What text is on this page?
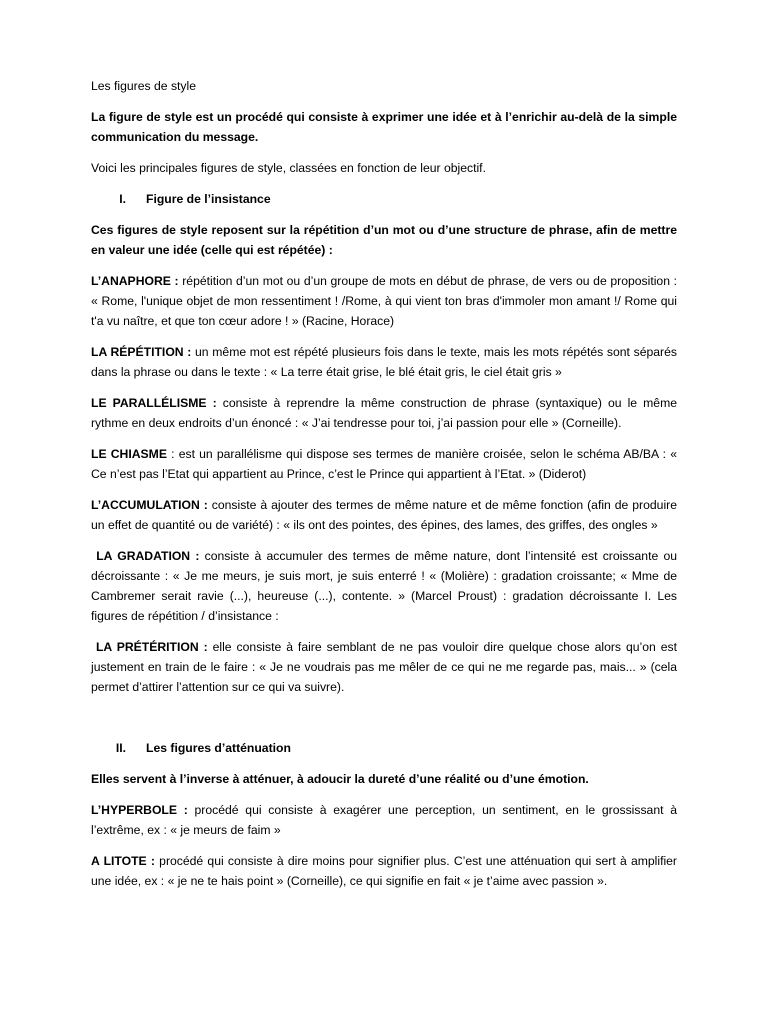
Les figures de style

La figure de style est un procédé qui consiste à exprimer une idée et à l’enrichir au-delà de la simple communication du message.

Voici les principales figures de style, classées en fonction de leur objectif.

I.	Figure de l’insistance

Ces figures de style reposent sur la répétition d’un mot ou d’une structure de phrase, afin de mettre en valeur une idée (celle qui est répétée) :

L’ANAPHORE : répétition d’un mot ou d’un groupe de mots en début de phrase, de vers ou de proposition : « Rome, l'unique objet de mon ressentiment ! /Rome, à qui vient ton bras d'immoler mon amant !/ Rome qui t'a vu naître, et que ton cœur adore ! » (Racine, Horace)

LA RÉPÉTITION : un même mot est répété plusieurs fois dans le texte, mais les mots répétés sont séparés dans la phrase ou dans le texte : « La terre était grise, le blé était gris, le ciel était gris »

LE PARALLÉLISME : consiste à reprendre la même construction de phrase (syntaxique) ou le même rythme en deux endroits d’un énoncé : « J’ai tendresse pour toi, j’ai passion pour elle » (Corneille).

LE CHIASME : est un parallélisme qui dispose ses termes de manière croisée, selon le schéma AB/BA : « Ce n’est pas l’Etat qui appartient au Prince, c’est le Prince qui appartient à l’Etat. » (Diderot)

L’ACCUMULATION : consiste à ajouter des termes de même nature et de même fonction (afin de produire un effet de quantité ou de variété) : « ils ont des pointes, des épines, des lames, des griffes, des ongles »

LA GRADATION : consiste à accumuler des termes de même nature, dont l’intensité est croissante ou décroissante : « Je me meurs, je suis mort, je suis enterré ! « (Molière) : gradation croissante; « Mme de Cambremer serait ravie (...), heureuse (...), contente. » (Marcel Proust) : gradation décroissante I. Les figures de répétition / d’insistance :

LA PRÉTÉRITION : elle consiste à faire semblant de ne pas vouloir dire quelque chose alors qu’on est justement en train de le faire : « Je ne voudrais pas me mêler de ce qui ne me regarde pas, mais... » (cela permet d’attirer l’attention sur ce qui va suivre).

II.	Les figures d’atténuation

Elles servent à l’inverse à atténuer, à adoucir la dureté d’une réalité ou d’une émotion.

L’HYPERBOLE : procédé qui consiste à exagérer une perception, un sentiment, en le grossissant à l’extrême, ex : « je meurs de faim »

A LITOTE : procédé qui consiste à dire moins pour signifier plus. C’est une atténuation qui sert à amplifier une idée, ex : « je ne te hais point » (Corneille), ce qui signifie en fait « je t’aime avec passion ».
